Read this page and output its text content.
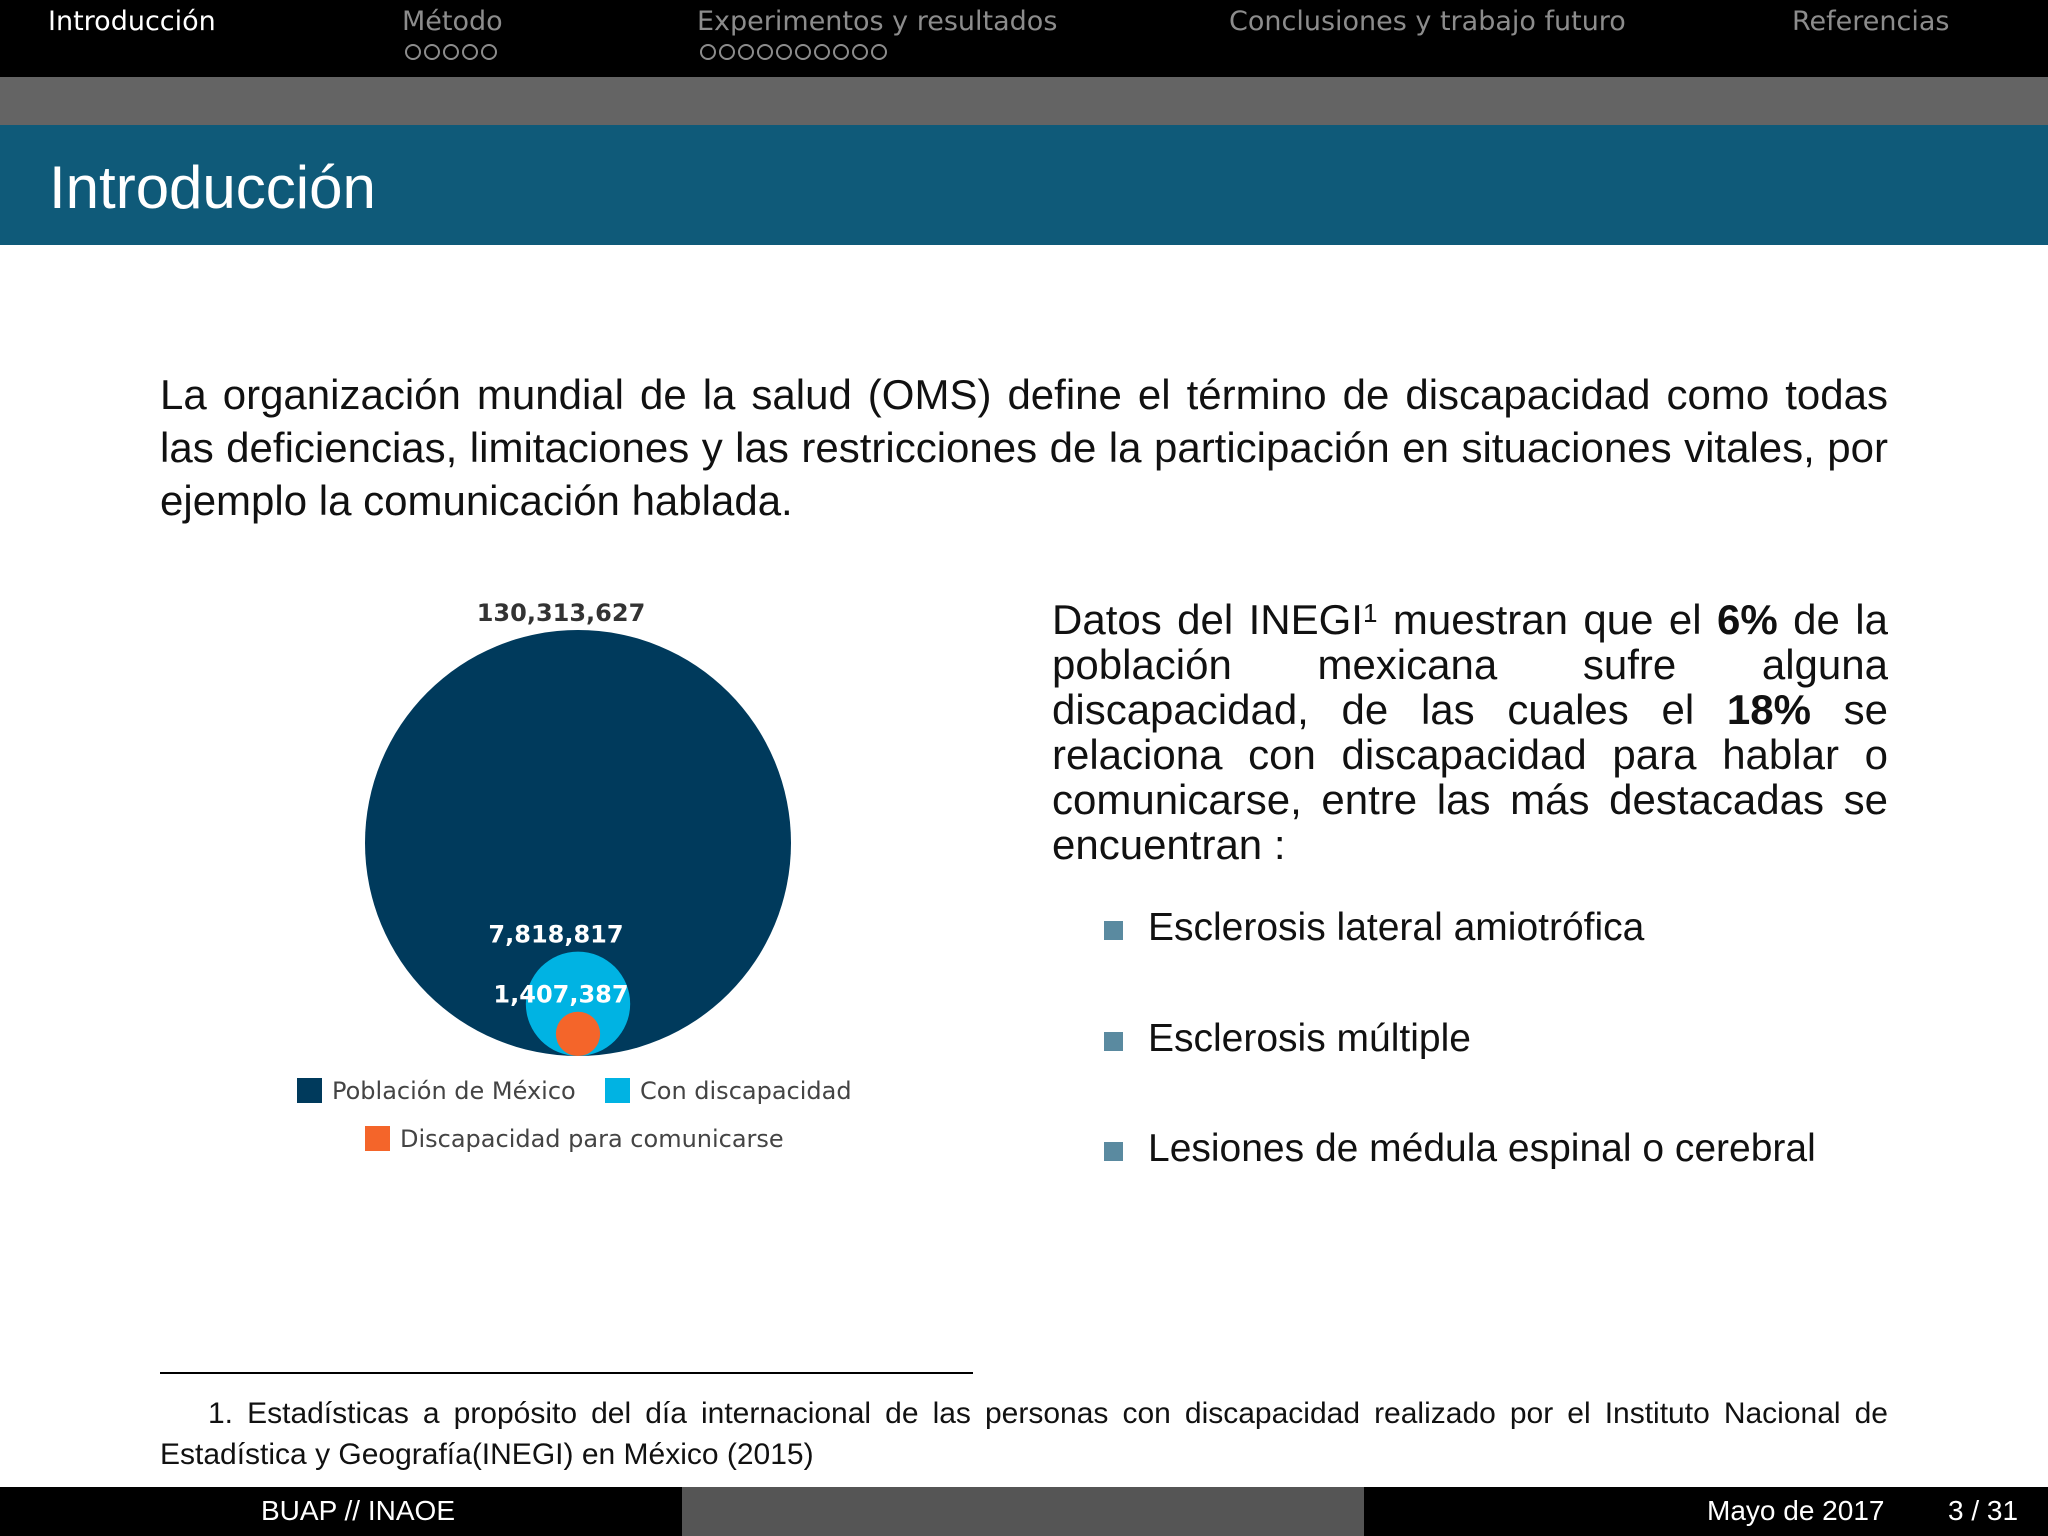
Introducción	Método	Experimentos y resultados	Conclusiones y trabajo futuro	Referencias
Introducción
La organización mundial de la salud (OMS) define el término de discapacidad como todas las deficiencias, limitaciones y las restricciones de la participación en situaciones vitales, por ejemplo la comunicación hablada.
130,313,627
7,818,817
1,407,387
Población de México	Con discapacidad
Discapacidad para comunicarse
Datos del INEGI$^1$ muestran que el 6% de la población mexicana sufre alguna discapacidad, de las cuales el 18% se relaciona con discapacidad para hablar o comunicarse, entre las más destacadas se encuentran :
Esclerosis lateral amiotrófica
Esclerosis múltiple
Lesiones de médula espinal o cerebral
1. Estadísticas a propósito del día internacional de las personas con discapacidad realizado por el Instituto Nacional de Estadística y Geografía(INEGI) en México (2015)
BUAP // INAOE	Mayo de 2017 3 / 31
